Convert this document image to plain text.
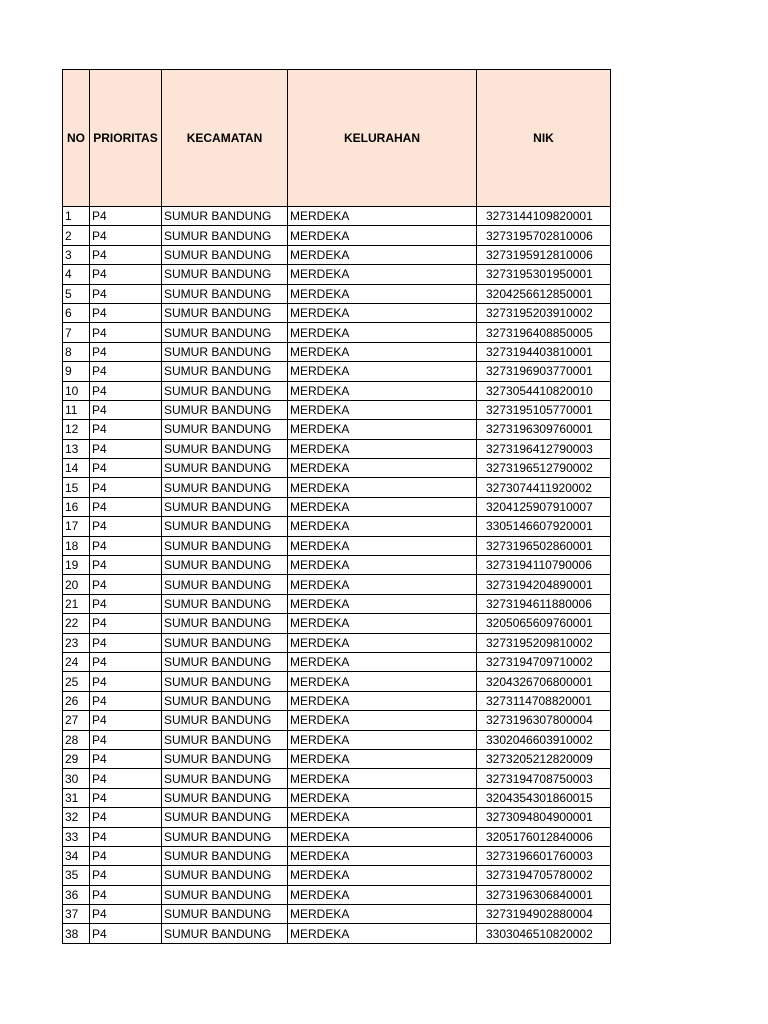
NO	PRIORITAS	KECAMATAN	KELURAHAN	NIK
1	P4	SUMUR BANDUNG	MERDEKA	3273144109820001
2	P4	SUMUR BANDUNG	MERDEKA	3273195702810006
3	P4	SUMUR BANDUNG	MERDEKA	3273195912810006
4	P4	SUMUR BANDUNG	MERDEKA	3273195301950001
5	P4	SUMUR BANDUNG	MERDEKA	3204256612850001
6	P4	SUMUR BANDUNG	MERDEKA	3273195203910002
7	P4	SUMUR BANDUNG	MERDEKA	3273196408850005
8	P4	SUMUR BANDUNG	MERDEKA	3273194403810001
9	P4	SUMUR BANDUNG	MERDEKA	3273196903770001
10	P4	SUMUR BANDUNG	MERDEKA	3273054410820010
11	P4	SUMUR BANDUNG	MERDEKA	3273195105770001
12	P4	SUMUR BANDUNG	MERDEKA	3273196309760001
13	P4	SUMUR BANDUNG	MERDEKA	3273196412790003
14	P4	SUMUR BANDUNG	MERDEKA	3273196512790002
15	P4	SUMUR BANDUNG	MERDEKA	3273074411920002
16	P4	SUMUR BANDUNG	MERDEKA	3204125907910007
17	P4	SUMUR BANDUNG	MERDEKA	3305146607920001
18	P4	SUMUR BANDUNG	MERDEKA	3273196502860001
19	P4	SUMUR BANDUNG	MERDEKA	3273194110790006
20	P4	SUMUR BANDUNG	MERDEKA	3273194204890001
21	P4	SUMUR BANDUNG	MERDEKA	3273194611880006
22	P4	SUMUR BANDUNG	MERDEKA	3205065609760001
23	P4	SUMUR BANDUNG	MERDEKA	3273195209810002
24	P4	SUMUR BANDUNG	MERDEKA	3273194709710002
25	P4	SUMUR BANDUNG	MERDEKA	3204326706800001
26	P4	SUMUR BANDUNG	MERDEKA	3273114708820001
27	P4	SUMUR BANDUNG	MERDEKA	3273196307800004
28	P4	SUMUR BANDUNG	MERDEKA	3302046603910002
29	P4	SUMUR BANDUNG	MERDEKA	3273205212820009
30	P4	SUMUR BANDUNG	MERDEKA	3273194708750003
31	P4	SUMUR BANDUNG	MERDEKA	3204354301860015
32	P4	SUMUR BANDUNG	MERDEKA	3273094804900001
33	P4	SUMUR BANDUNG	MERDEKA	3205176012840006
34	P4	SUMUR BANDUNG	MERDEKA	3273196601760003
35	P4	SUMUR BANDUNG	MERDEKA	3273194705780002
36	P4	SUMUR BANDUNG	MERDEKA	3273196306840001
37	P4	SUMUR BANDUNG	MERDEKA	3273194902880004
38	P4	SUMUR BANDUNG	MERDEKA	3303046510820002
